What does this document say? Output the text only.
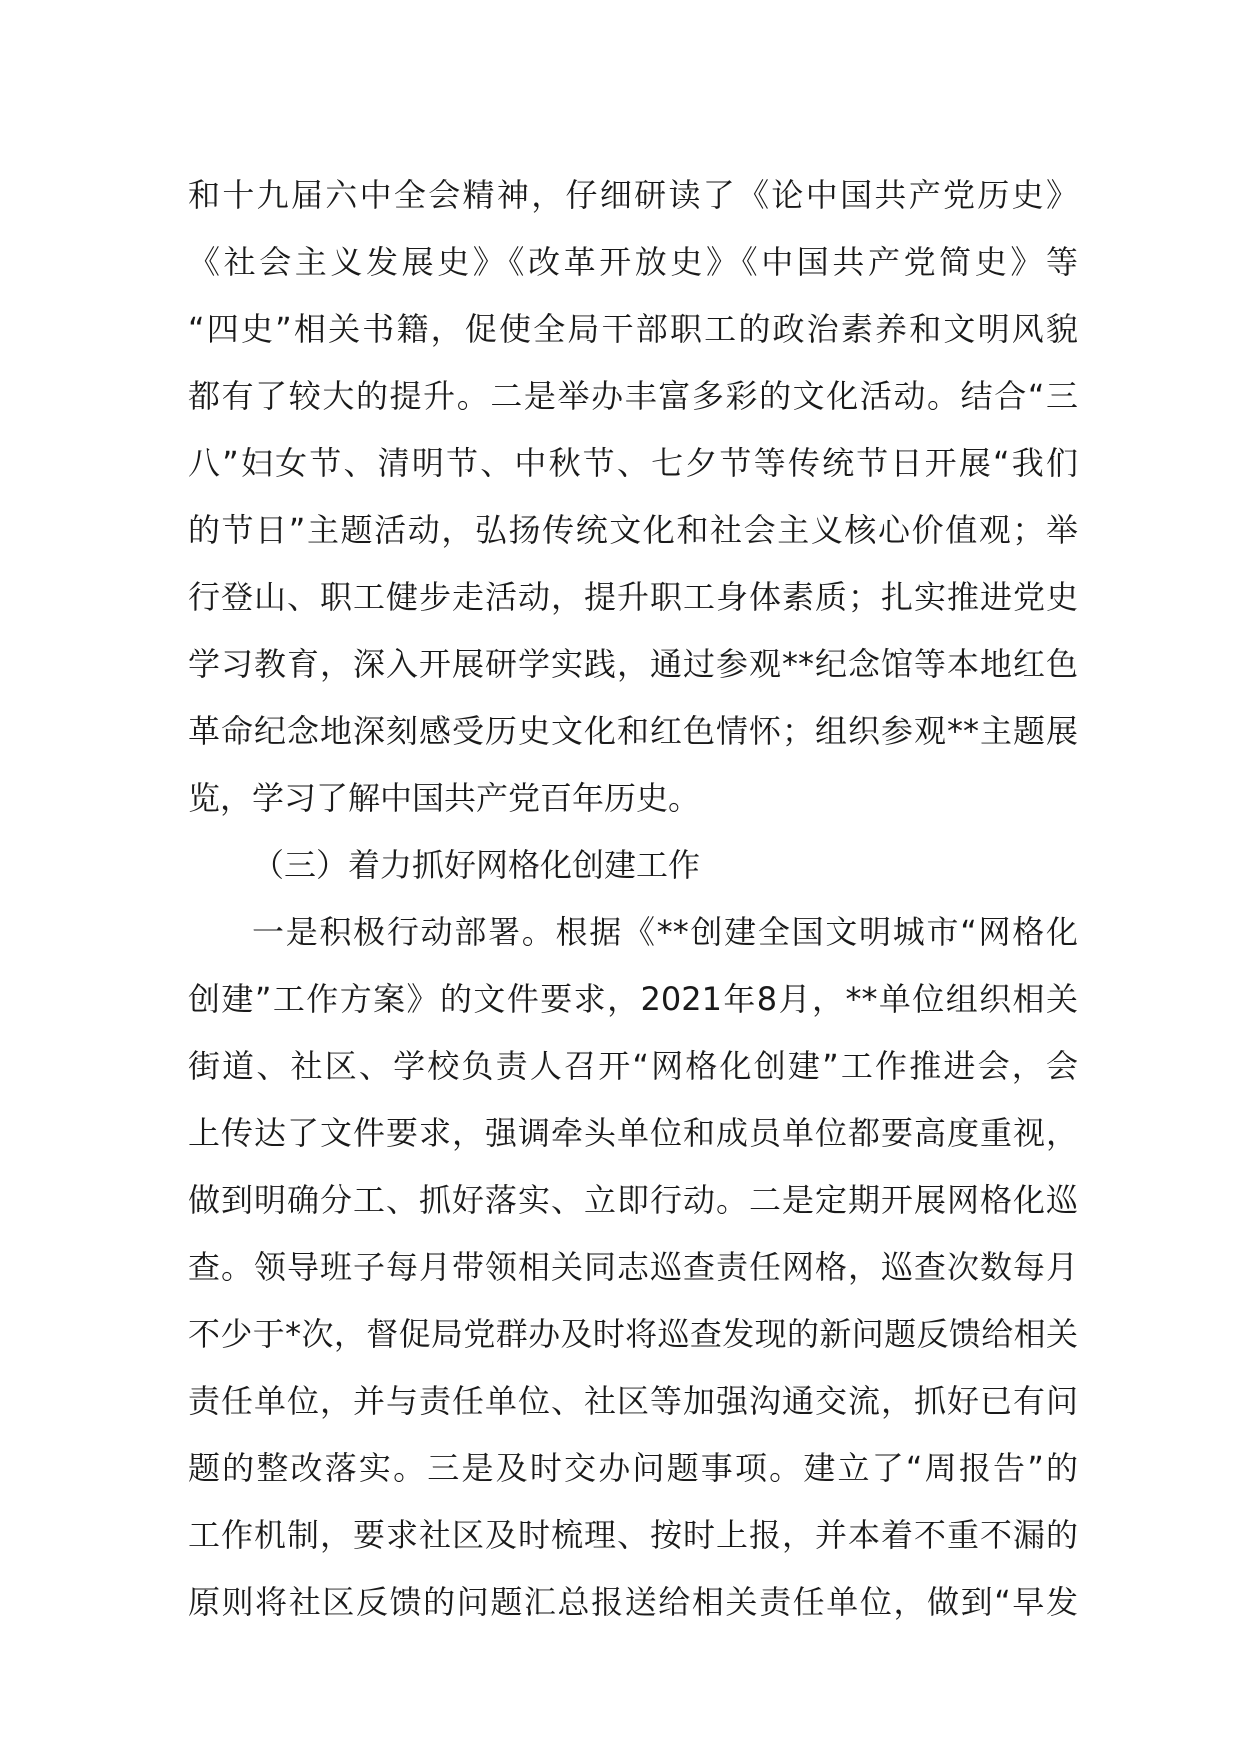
和十九届六中全会精神，仔细研读了《论中国共产党历史》
《社会主义发展史》《改革开放史》《中国共产党简史》等
“四史”相关书籍，促使全局干部职工的政治素养和文明风貌
都有了较大的提升。二是举办丰富多彩的文化活动。结合“三
八”妇女节、清明节、中秋节、七夕节等传统节日开展“我们
的节日”主题活动，弘扬传统文化和社会主义核心价值观；举
行登山、职工健步走活动，提升职工身体素质；扎实推进党史
学习教育，深入开展研学实践，通过参观**纪念馆等本地红色
革命纪念地深刻感受历史文化和红色情怀；组织参观**主题展
览，学习了解中国共产党百年历史。
（三）着力抓好网格化创建工作
一是积极行动部署。根据《**创建全国文明城市“网格化
创建”工作方案》的文件要求，2021年8月，**单位组织相关
街道、社区、学校负责人召开“网格化创建”工作推进会，会
上传达了文件要求，强调牵头单位和成员单位都要高度重视，
做到明确分工、抓好落实、立即行动。二是定期开展网格化巡
查。领导班子每月带领相关同志巡查责任网格，巡查次数每月
不少于*次，督促局党群办及时将巡查发现的新问题反馈给相关
责任单位，并与责任单位、社区等加强沟通交流，抓好已有问
题的整改落实。三是及时交办问题事项。建立了“周报告”的
工作机制，要求社区及时梳理、按时上报，并本着不重不漏的
原则将社区反馈的问题汇总报送给相关责任单位，做到“早发
